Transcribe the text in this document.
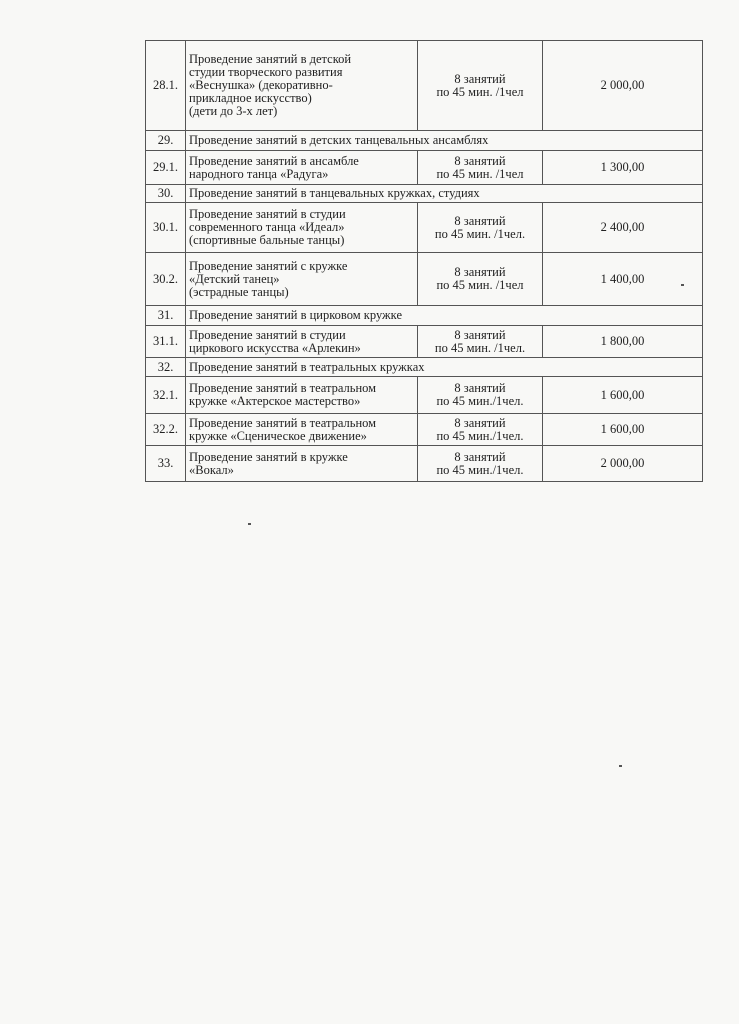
28.1.	Проведение занятий в детской
студии творческого развития
«Веснушка» (декоративно-
прикладное искусство)
(дети до 3-х лет)	8 занятий
по 45 мин. /1чел	2 000,00
29.	Проведение занятий в детских танцевальных ансамблях		
29.1.	Проведение занятий в ансамбле
народного танца «Радуга»	8 занятий
по 45 мин. /1чел	1 300,00
30.	Проведение занятий в танцевальных кружках, студиях		
30.1.	Проведение занятий в студии
современного танца «Идеал»
(спортивные бальные танцы)	8 занятий
по 45 мин. /1чел.	2 400,00
30.2.	Проведение занятий с кружке
«Детский танец»
(эстрадные танцы)	8 занятий
по 45 мин. /1чел	1 400,00
31.	Проведение занятий в цирковом кружке		
31.1.	Проведение занятий в студии
циркового искусства «Арлекин»	8 занятий
по 45 мин. /1чел.	1 800,00
32.	Проведение занятий в театральных кружках		
32.1.	Проведение занятий в театральном
кружке «Актерское мастерство»	8 занятий
по 45 мин./1чел.	1 600,00
32.2.	Проведение занятий в театральном
кружке «Сценическое движение»	8 занятий
по 45 мин./1чел.	1 600,00
33.	Проведение занятий в кружке
«Вокал»	8 занятий
по 45 мин./1чел.	2 000,00
